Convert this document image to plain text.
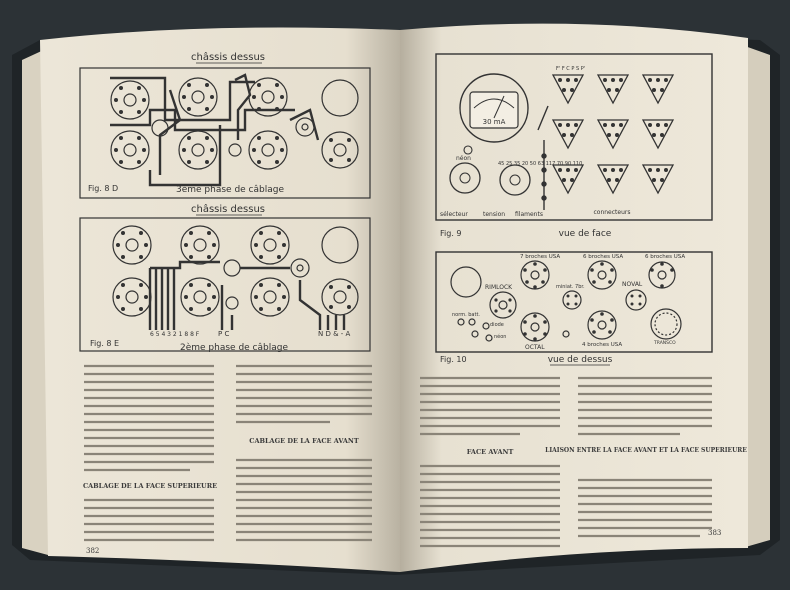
châssis dessus
Fig. 8 D	3ème phase de câblage
châssis dessus
6 5 4 3 2 1 8 8 F	P C	N D & - A
Fig. 8 E	2ème phase de câblage
CABLAGE DE LA FACE SUPERIEURE
CABLAGE DE LA FACE AVANT
382
30 mA
néon
45 25 35 20 50 63 117 70 90 110
sélecteur	tension filaments
F' F C P S P'
connecteurs
Fig. 9	vue de face
RIMLOCK
OCTAL
NOVAL
TRANSCO
miniat. 7br.
7 broches USA	6 broches USA	6 broches USA
4 broches USA
norm. batt.
diode
néon
Fig. 10	vue de dessus
FACE AVANT	LIAISON ENTRE LA FACE AVANT ET LA FACE SUPERIEURE
383
